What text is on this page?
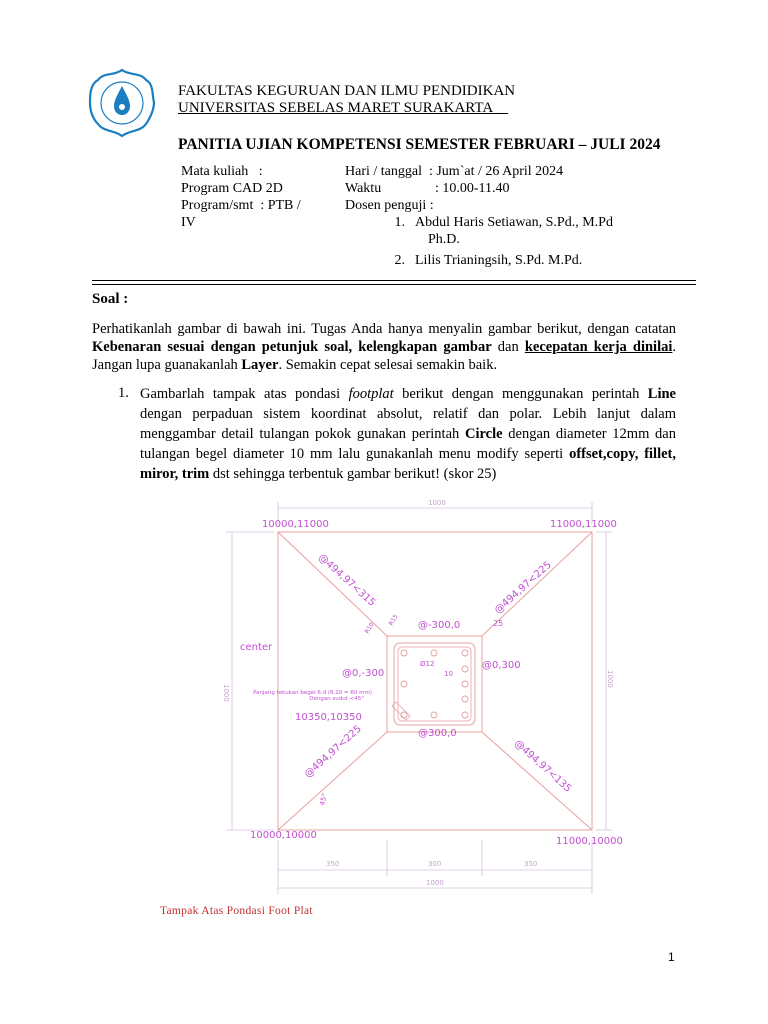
FAKULTAS KEGURUAN DAN ILMU PENDIDIKAN
UNIVERSITAS SEBELAS MARET SURAKARTA
PANITIA UJIAN KOMPETENSI SEMESTER FEBRUARI – JULI 2024
Mata kuliah   :
Program CAD 2D
Program/smt  : PTB /
IV
Hari / tanggal  : Jum`at / 26 April 2024
Waktu	: 10.00-11.40
Dosen penguji :
1. Abdul Haris Setiawan, S.Pd., M.Pd
Ph.D.
2. Lilis Trianingsih, S.Pd. M.Pd.
Soal :
Perhatikanlah gambar di bawah ini. Tugas Anda hanya menyalin gambar berikut, dengan catatan Kebenaran sesuai dengan petunjuk soal, kelengkapan gambar dan kecepatan kerja dinilai. Jangan lupa guanakanlah Layer. Semakin cepat selesai semakin baik.
1. Gambarlah tampak atas pondasi footplat berikut dengan menggunakan perintah Line dengan perpaduan sistem koordinat absolut, relatif dan polar. Lebih lanjut dalam menggambar detail tulangan pokok gunakan perintah Circle dengan diameter 12mm dan tulangan begel diameter 10 mm lalu gunakanlah menu modify seperti offset,copy, fillet, miror, trim dst sehingga terbentuk gambar berikut! (skor 25)
10000,11000	11000,11000
10000,10000
11000,10000
10350,10350
@494,97<315	@494,97<225
@494,97<225	@494,97<135
@-300,0
@0,-300
@0,300
@300,0
center
Panjang tekukan begel 6.d (6.10 = 60 mm)
Dengan sudut <45°
10
Ø12
25
R10
R15
45°
1000
1000
1000
350	300	350
1000
Tampak Atas Pondasi Foot Plat
1
